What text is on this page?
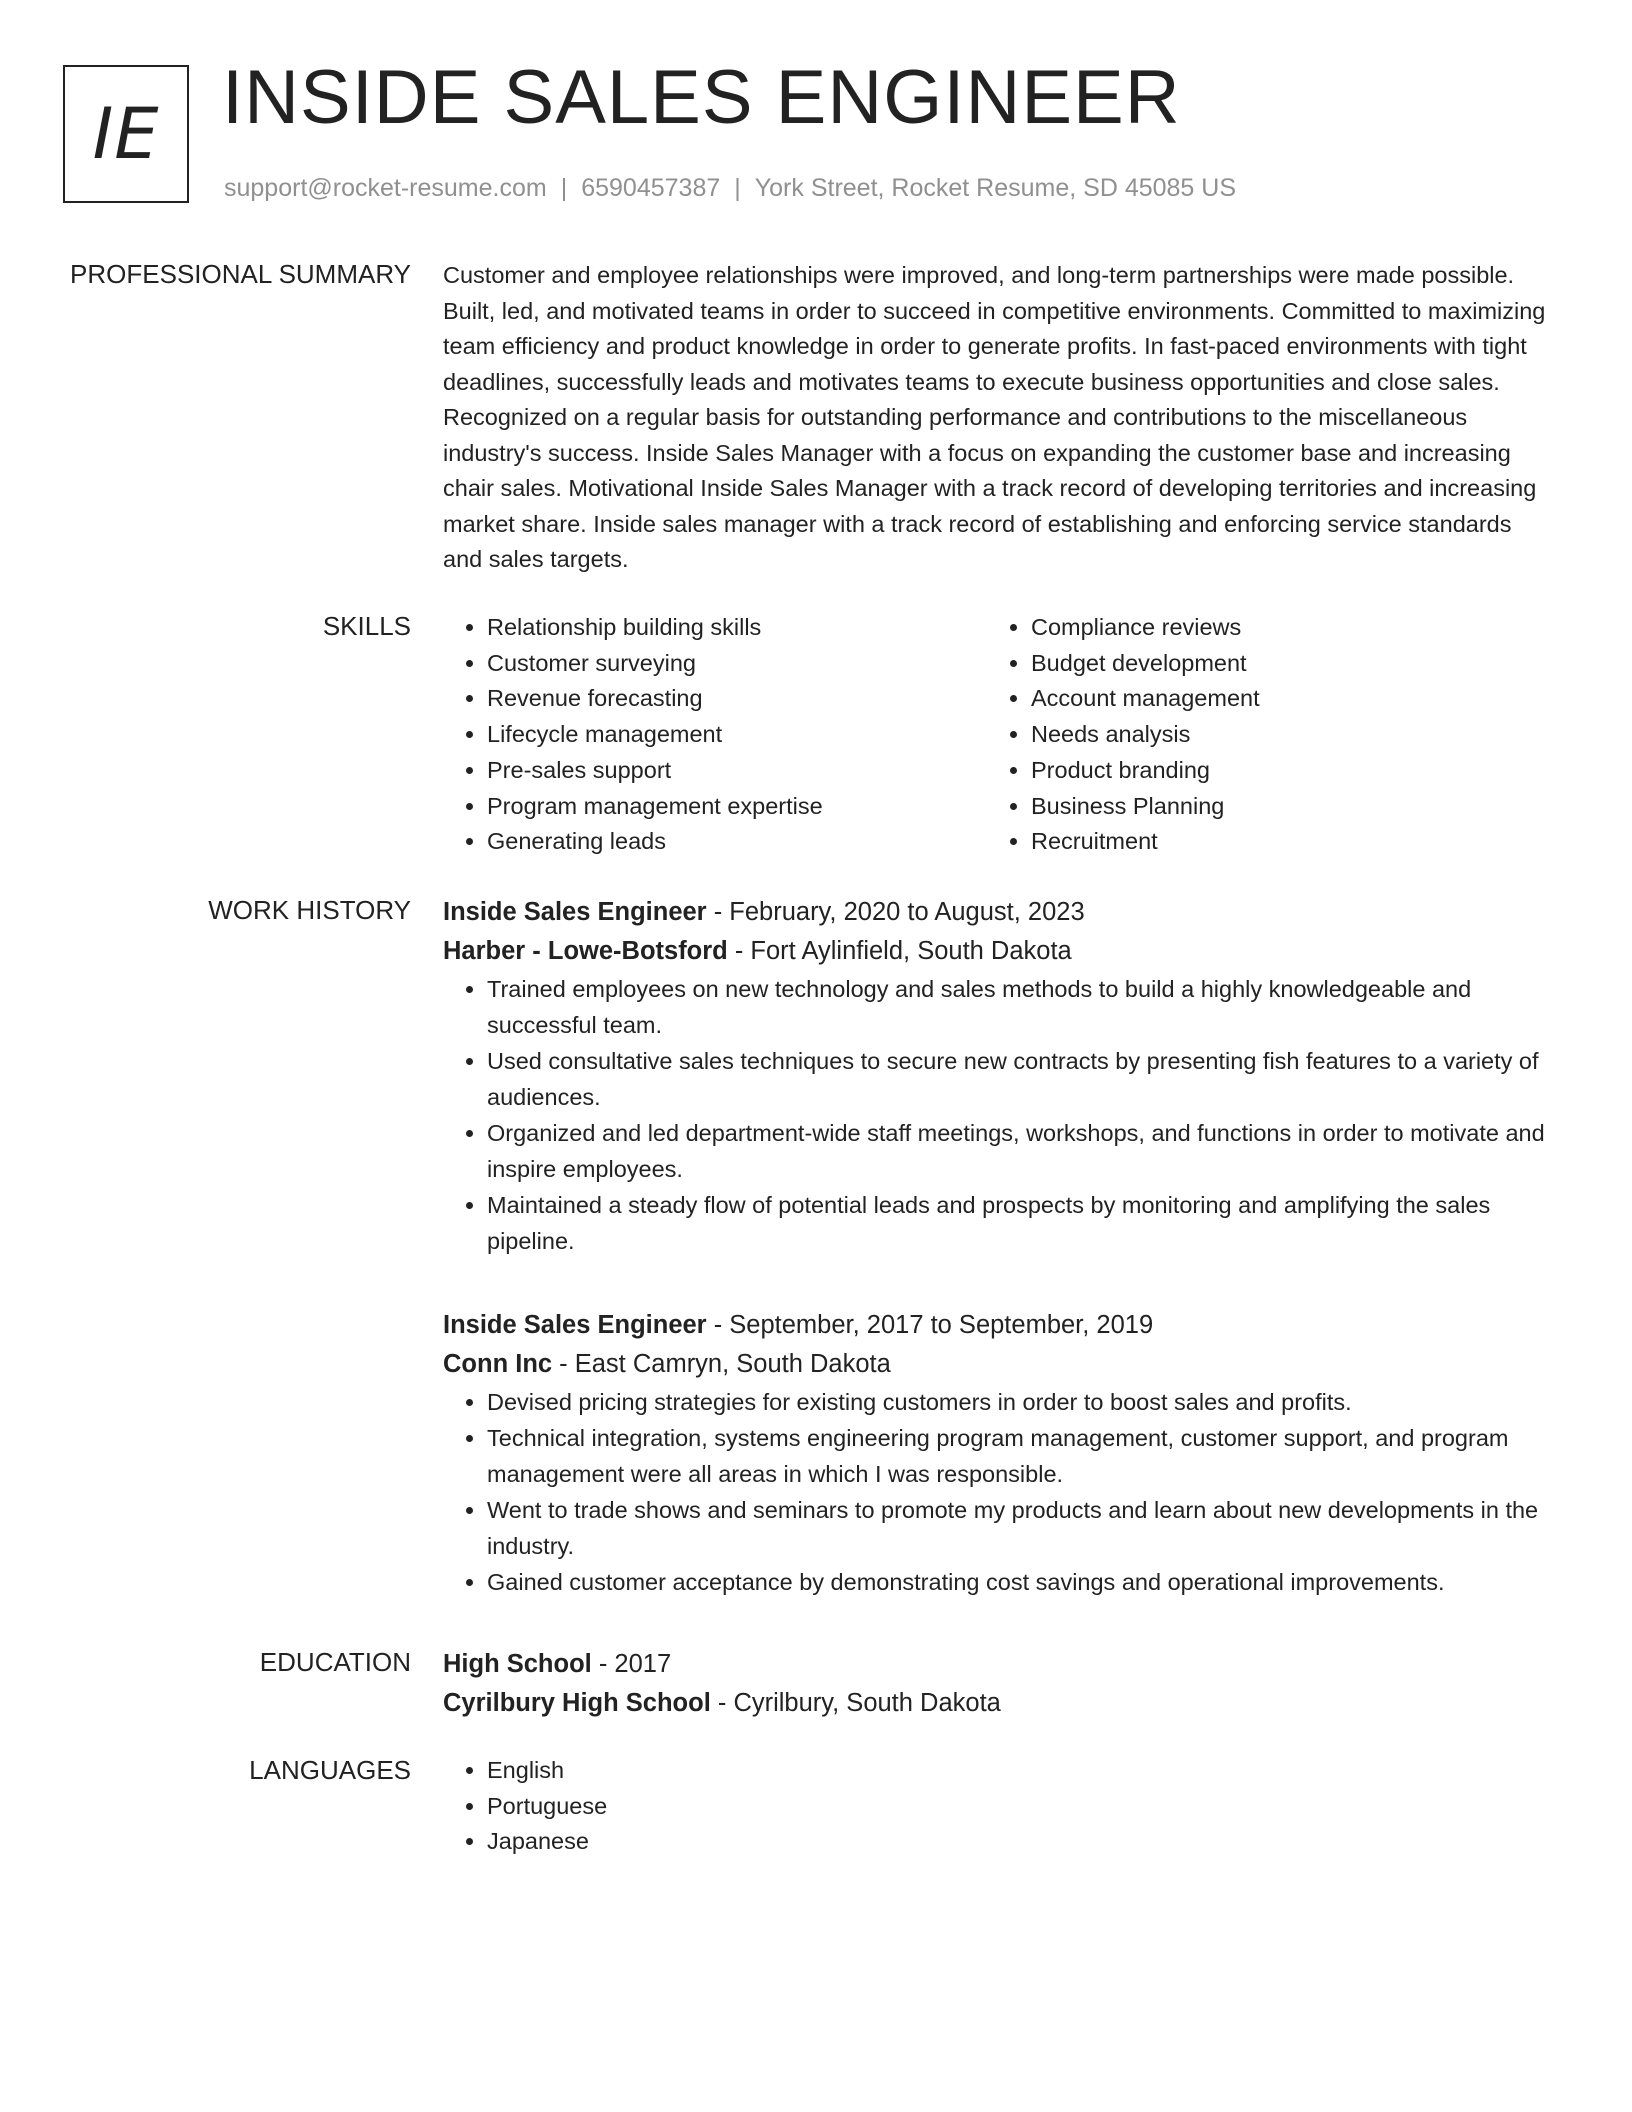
IE INSIDE SALES ENGINEER
support@rocket-resume.com | 6590457387 | York Street, Rocket Resume, SD 45085 US
PROFESSIONAL SUMMARY Customer and employee relationships were improved, and long-term partnerships were made possible. Built, led, and motivated teams in order to succeed in competitive environments. Committed to maximizing team efficiency and product knowledge in order to generate profits. In fast-paced environments with tight deadlines, successfully leads and motivates teams to execute business opportunities and close sales. Recognized on a regular basis for outstanding performance and contributions to the miscellaneous industry's success. Inside Sales Manager with a focus on expanding the customer base and increasing chair sales. Motivational Inside Sales Manager with a track record of developing territories and increasing market share. Inside sales manager with a track record of establishing and enforcing service standards and sales targets.

SKILLS	• Relationship building skills
• Customer surveying
• Revenue forecasting
• Lifecycle management
• Pre-sales support
• Program management expertise
• Generating leads
• Compliance reviews
• Budget development
• Account management
• Needs analysis
• Product branding
• Business Planning
• Recruitment
WORK HISTORY Inside Sales Engineer - February, 2020 to August, 2023
Harber - Lowe-Botsford - Fort Aylinfield, South Dakota
• Trained employees on new technology and sales methods to build a highly knowledgeable and successful team.
• Used consultative sales techniques to secure new contracts by presenting fish features to a variety of audiences.
• Organized and led department-wide staff meetings, workshops, and functions in order to motivate and inspire employees.
• Maintained a steady flow of potential leads and prospects by monitoring and amplifying the sales pipeline.
Inside Sales Engineer - September, 2017 to September, 2019
Conn Inc - East Camryn, South Dakota
• Devised pricing strategies for existing customers in order to boost sales and profits.
• Technical integration, systems engineering program management, customer support, and program management were all areas in which I was responsible.
• Went to trade shows and seminars to promote my products and learn about new developments in the industry.
• Gained customer acceptance by demonstrating cost savings and operational improvements.
EDUCATION High School - 2017
Cyrilbury High School - Cyrilbury, South Dakota
LANGUAGES	• English
• Portuguese
• Japanese
